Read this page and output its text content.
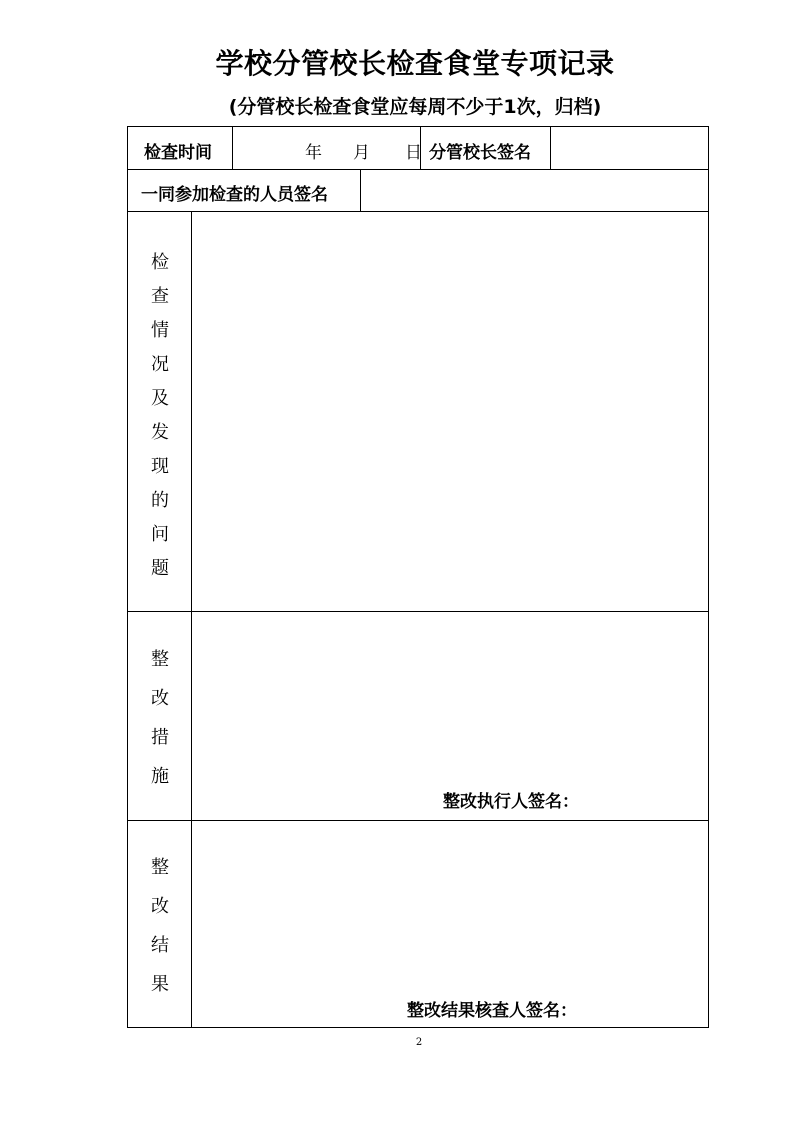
学校分管校长检查食堂专项记录
(分管校长检查食堂应每周不少于1次，归档)
检查时间	年 月 日 分管校长签名
一同参加检查的人员签名
检
查
情
况
及
发
现
的
问
题
整
改
措
施
整改执行人签名：
整
改
结
果
整改结果核查人签名：
2
